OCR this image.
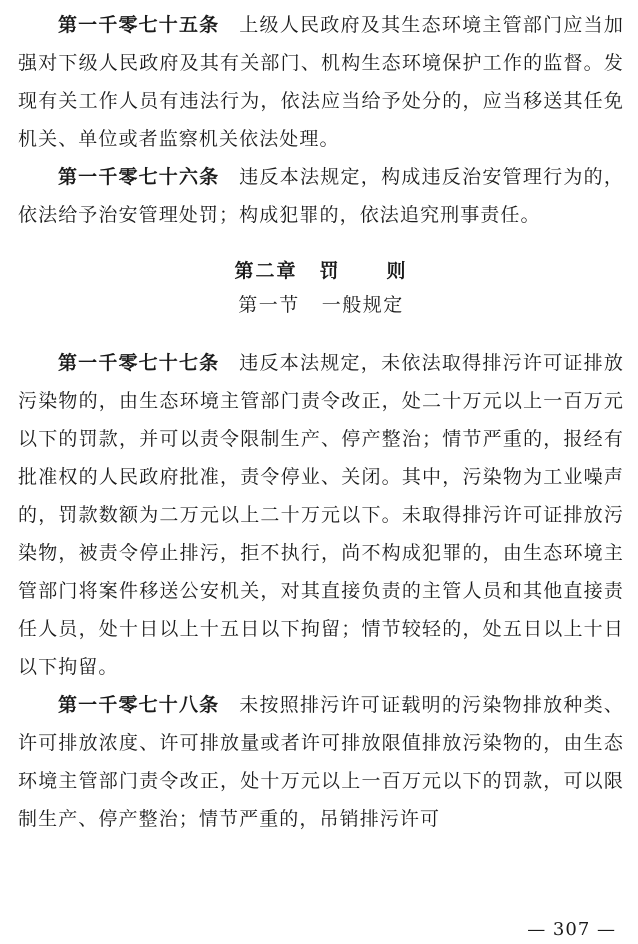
第一千零七十五条 上级人民政府及其生态环境主管部门应当加强对下级人民政府及其有关部门、机构生态环境保护工作的监督。发现有关工作人员有违法行为，依法应当给予处分的，应当移送其任免机关、单位或者监察机关依法处理。

第一千零七十六条 违反本法规定，构成违反治安管理行为的，依法给予治安管理处罚；构成犯罪的，依法追究刑事责任。

第二章 罚 则
第一节 一般规定

第一千零七十七条 违反本法规定，未依法取得排污许可证排放污染物的，由生态环境主管部门责令改正，处二十万元以上一百万元以下的罚款，并可以责令限制生产、停产整治；情节严重的，报经有批准权的人民政府批准，责令停业、关闭。其中，污染物为工业噪声的，罚款数额为二万元以上二十万元以下。未取得排污许可证排放污染物，被责令停止排污，拒不执行，尚不构成犯罪的，由生态环境主管部门将案件移送公安机关，对其直接负责的主管人员和其他直接责任人员，处十日以上十五日以下拘留；情节较轻的，处五日以上十日以下拘留。

第一千零七十八条 未按照排污许可证载明的污染物排放种类、许可排放浓度、许可排放量或者许可排放限值排放污染物的，由生态环境主管部门责令改正，处十万元以上一百万元以下的罚款，可以限制生产、停产整治；情节严重的，吊销排污许可

— 307 —
